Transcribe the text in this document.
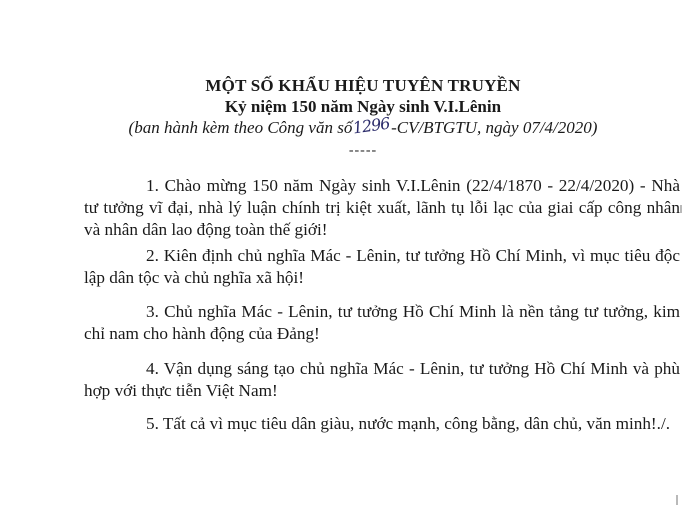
MỘT SỐ KHẨU HIỆU TUYÊN TRUYỀN
Kỷ niệm 150 năm Ngày sinh V.I.Lênin
(ban hành kèm theo Công văn số1296-CV/BTGTU, ngày 07/4/2020)
-----

1. Chào mừng 150 năm Ngày sinh V.I.Lênin (22/4/1870 - 22/4/2020) - Nhà tư tưởng vĩ đại, nhà lý luận chính trị kiệt xuất, lãnh tụ lỗi lạc của giai cấp công nhân và nhân dân lao động toàn thế giới!

2. Kiên định chủ nghĩa Mác - Lênin, tư tưởng Hồ Chí Minh, vì mục tiêu độc lập dân tộc và chủ nghĩa xã hội!

3. Chủ nghĩa Mác - Lênin, tư tưởng Hồ Chí Minh là nền tảng tư tưởng, kim chỉ nam cho hành động của Đảng!

4. Vận dụng sáng tạo chủ nghĩa Mác - Lênin, tư tưởng Hồ Chí Minh và phù hợp với thực tiễn Việt Nam!

5. Tất cả vì mục tiêu dân giàu, nước mạnh, công bằng, dân chủ, văn minh!./.
